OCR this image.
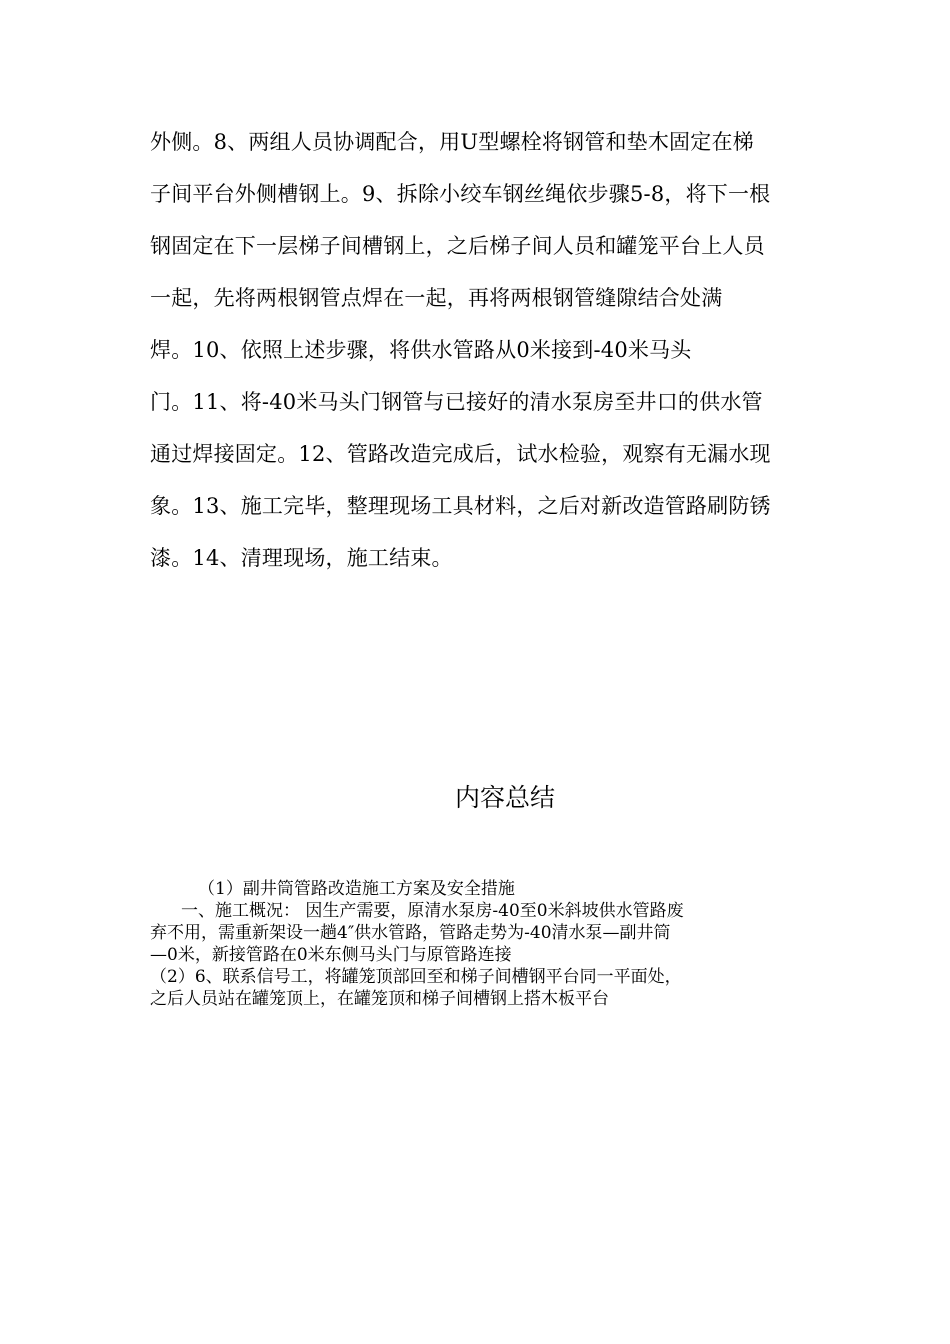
外侧。8、两组人员协调配合，用U型螺栓将钢管和垫木固定在梯
子间平台外侧槽钢上。9、拆除小绞车钢丝绳依步骤5-8，将下一根
钢固定在下一层梯子间槽钢上，之后梯子间人员和罐笼平台上人员
一起，先将两根钢管点焊在一起，再将两根钢管缝隙结合处满
焊。10、依照上述步骤，将供水管路从0米接到-40米马头
门。11、将-40米马头门钢管与已接好的清水泵房至井口的供水管
通过焊接固定。12、管路改造完成后，试水检验，观察有无漏水现
象。13、施工完毕，整理现场工具材料，之后对新改造管路刷防锈
漆。14、清理现场，施工结束。
内容总结
（1）副井筒管路改造施工方案及安全措施
一、施工概况： 因生产需要，原清水泵房-40至0米斜坡供水管路废
弃不用，需重新架设一趟4″供水管路，管路走势为-40清水泵—副井筒
—0米，新接管路在0米东侧马头门与原管路连接
（2）6、联系信号工，将罐笼顶部回至和梯子间槽钢平台同一平面处，
之后人员站在罐笼顶上，在罐笼顶和梯子间槽钢上搭木板平台
